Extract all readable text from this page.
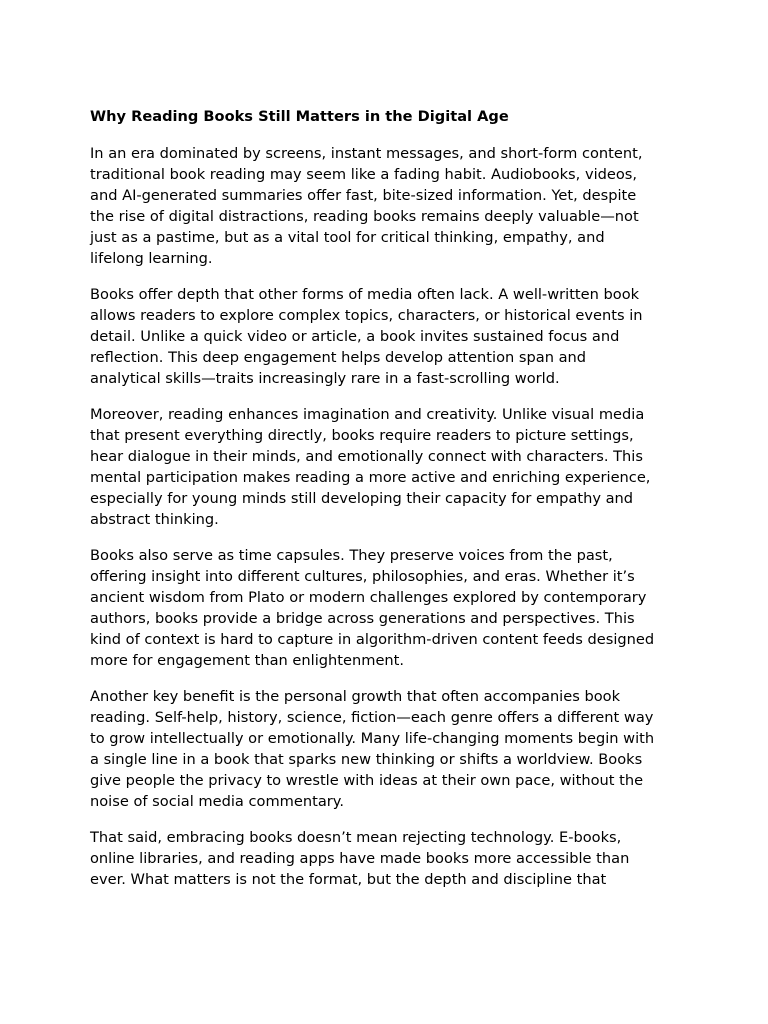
Why Reading Books Still Matters in the Digital Age

In an era dominated by screens, instant messages, and short-form content,
traditional book reading may seem like a fading habit. Audiobooks, videos,
and AI-generated summaries offer fast, bite-sized information. Yet, despite
the rise of digital distractions, reading books remains deeply valuable—not
just as a pastime, but as a vital tool for critical thinking, empathy, and
lifelong learning.

Books offer depth that other forms of media often lack. A well-written book
allows readers to explore complex topics, characters, or historical events in
detail. Unlike a quick video or article, a book invites sustained focus and
reflection. This deep engagement helps develop attention span and
analytical skills—traits increasingly rare in a fast-scrolling world.

Moreover, reading enhances imagination and creativity. Unlike visual media
that present everything directly, books require readers to picture settings,
hear dialogue in their minds, and emotionally connect with characters. This
mental participation makes reading a more active and enriching experience,
especially for young minds still developing their capacity for empathy and
abstract thinking.

Books also serve as time capsules. They preserve voices from the past,
offering insight into different cultures, philosophies, and eras. Whether it’s
ancient wisdom from Plato or modern challenges explored by contemporary
authors, books provide a bridge across generations and perspectives. This
kind of context is hard to capture in algorithm-driven content feeds designed
more for engagement than enlightenment.

Another key benefit is the personal growth that often accompanies book
reading. Self-help, history, science, fiction—each genre offers a different way
to grow intellectually or emotionally. Many life-changing moments begin with
a single line in a book that sparks new thinking or shifts a worldview. Books
give people the privacy to wrestle with ideas at their own pace, without the
noise of social media commentary.

That said, embracing books doesn’t mean rejecting technology. E-books,
online libraries, and reading apps have made books more accessible than
ever. What matters is not the format, but the depth and discipline that
